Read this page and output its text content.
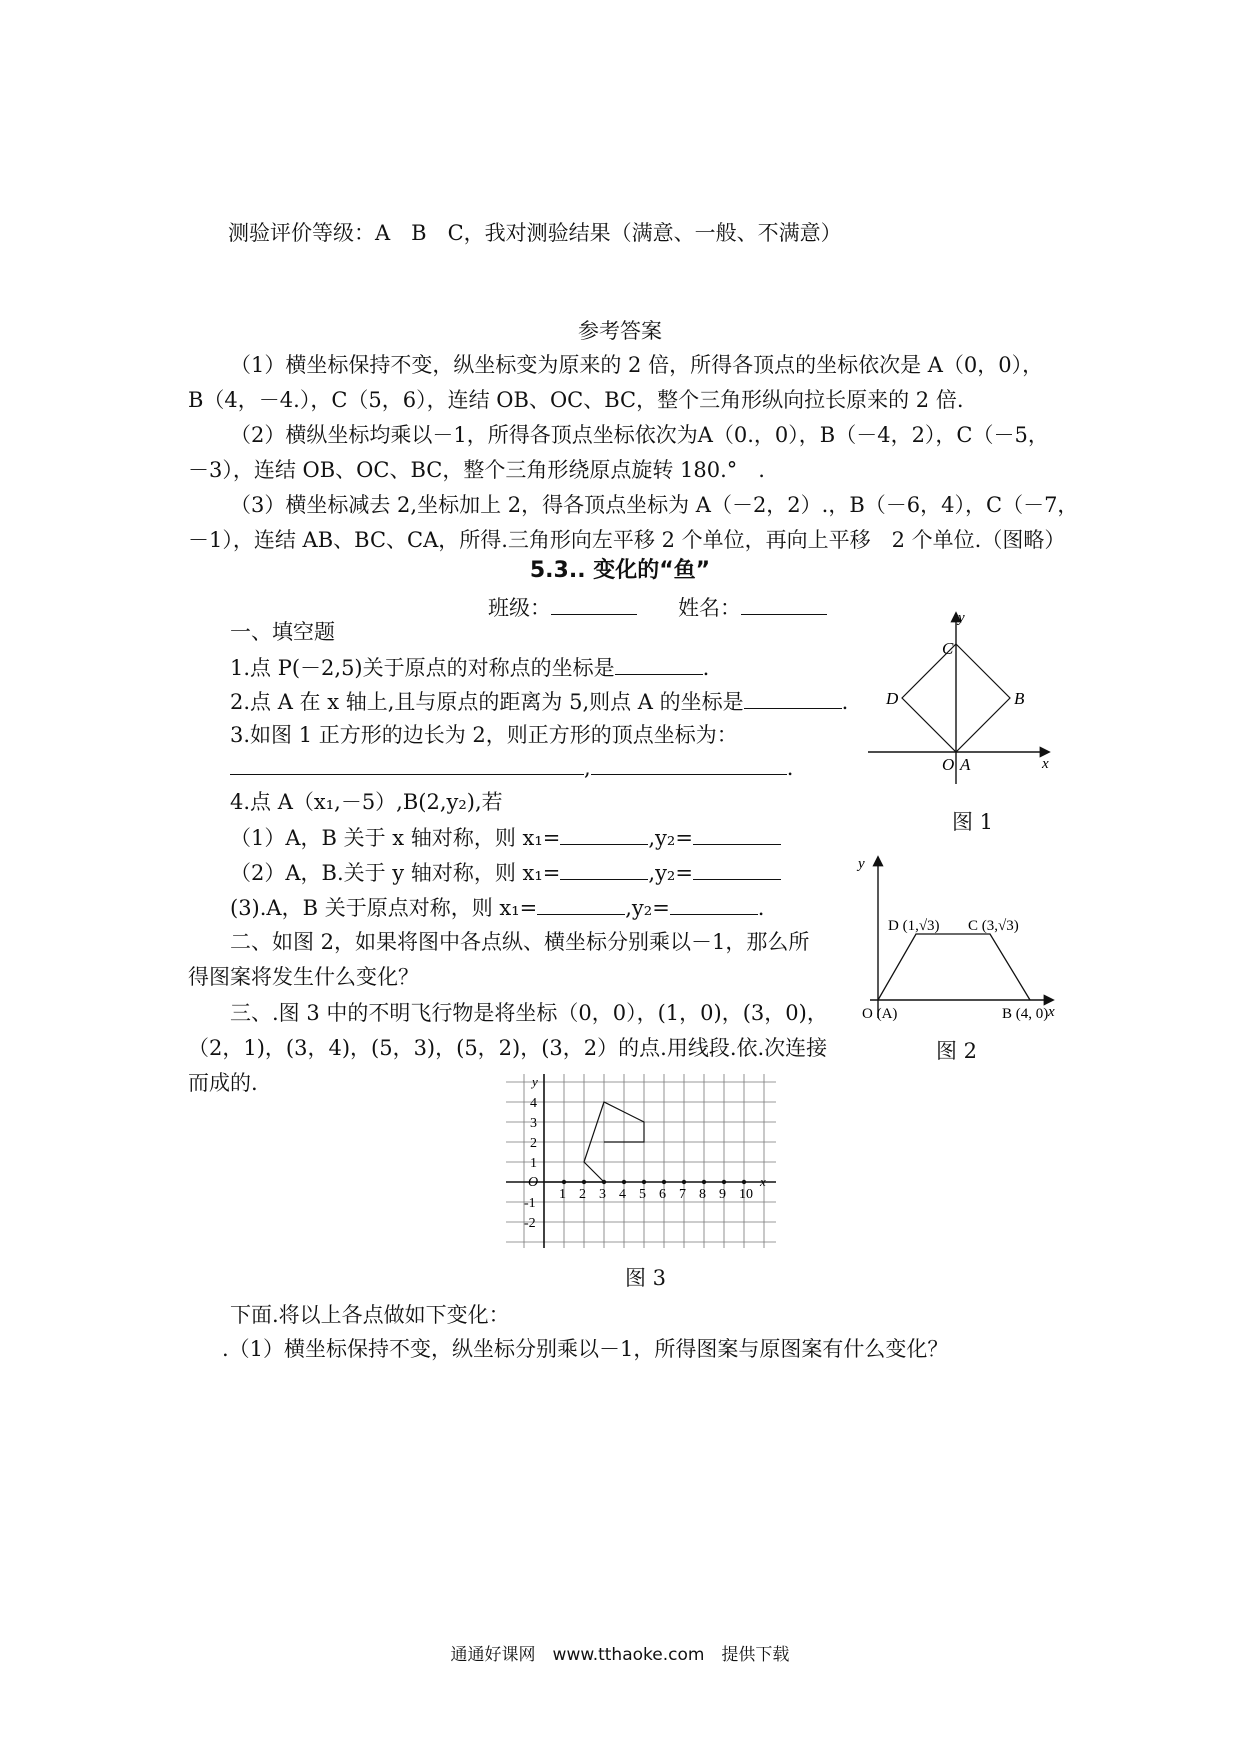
测验评价等级：A　B　C，我对测验结果（满意、一般、不满意）
参考答案
（1）横坐标保持不变，纵坐标变为原来的 2 倍，所得各顶点的坐标依次是 A（0，0），
B（4，－4.），C（5，6），连结 OB、OC、BC，整个三角形纵向拉长原来的 2 倍.
（2）横纵坐标均乘以－1，所得各顶点坐标依次为A（0.，0），B（－4，2），C（－5，
－3），连结 OB、OC、BC，整个三角形绕原点旋转 180.°　.
（3）横坐标减去 2,坐标加上 2，得各顶点坐标为 A（－2，2）.，B（－6，4），C（－7，
－1），连结 AB、BC、CA，所得.三角形向左平移 2 个单位，再向上平移　2 个单位.（图略）
5.3.. 变化的“鱼”
班级：	姓名：
一、填空题
1.点 P(－2,5)关于原点的对称点的坐标是	.
2.点 A 在 x 轴上,且与原点的距离为 5,则点 A 的坐标是	.
3.如图 1 正方形的边长为 2，则正方形的顶点坐标为：
,	.
4.点 A（x₁,－5）,B(2,y₂),若
（1）A，B 关于 x 轴对称，则 x₁=	,y₂=
（2）A，B.关于 y 轴对称，则 x₁=	,y₂=
(3).A，B 关于原点对称，则 x₁=	,y₂=	.
二、如图 2，如果将图中各点纵、横坐标分别乘以－1，那么所
得图案将发生什么变化？
三、.图 3 中的不明飞行物是将坐标（0，0），(1，0)，(3，0)，
（2，1)，(3，4)，(5，3)，(5，2)，(3，2）的点.用线段.依.次连接
而成的.
C
D	B
O A
y
x
图 1
D (1,√3) C (3,√3)
O (A)	B (4, 0)
y
x
图 2
1 2 3 4 5 6 7 8 9 10
4
3
2
1
-1
-2
O	x
y
图 3
下面.将以上各点做如下变化：
.（1）横坐标保持不变，纵坐标分别乘以－1，所得图案与原图案有什么变化？
通通好课网　www.tthaoke.com　提供下载
